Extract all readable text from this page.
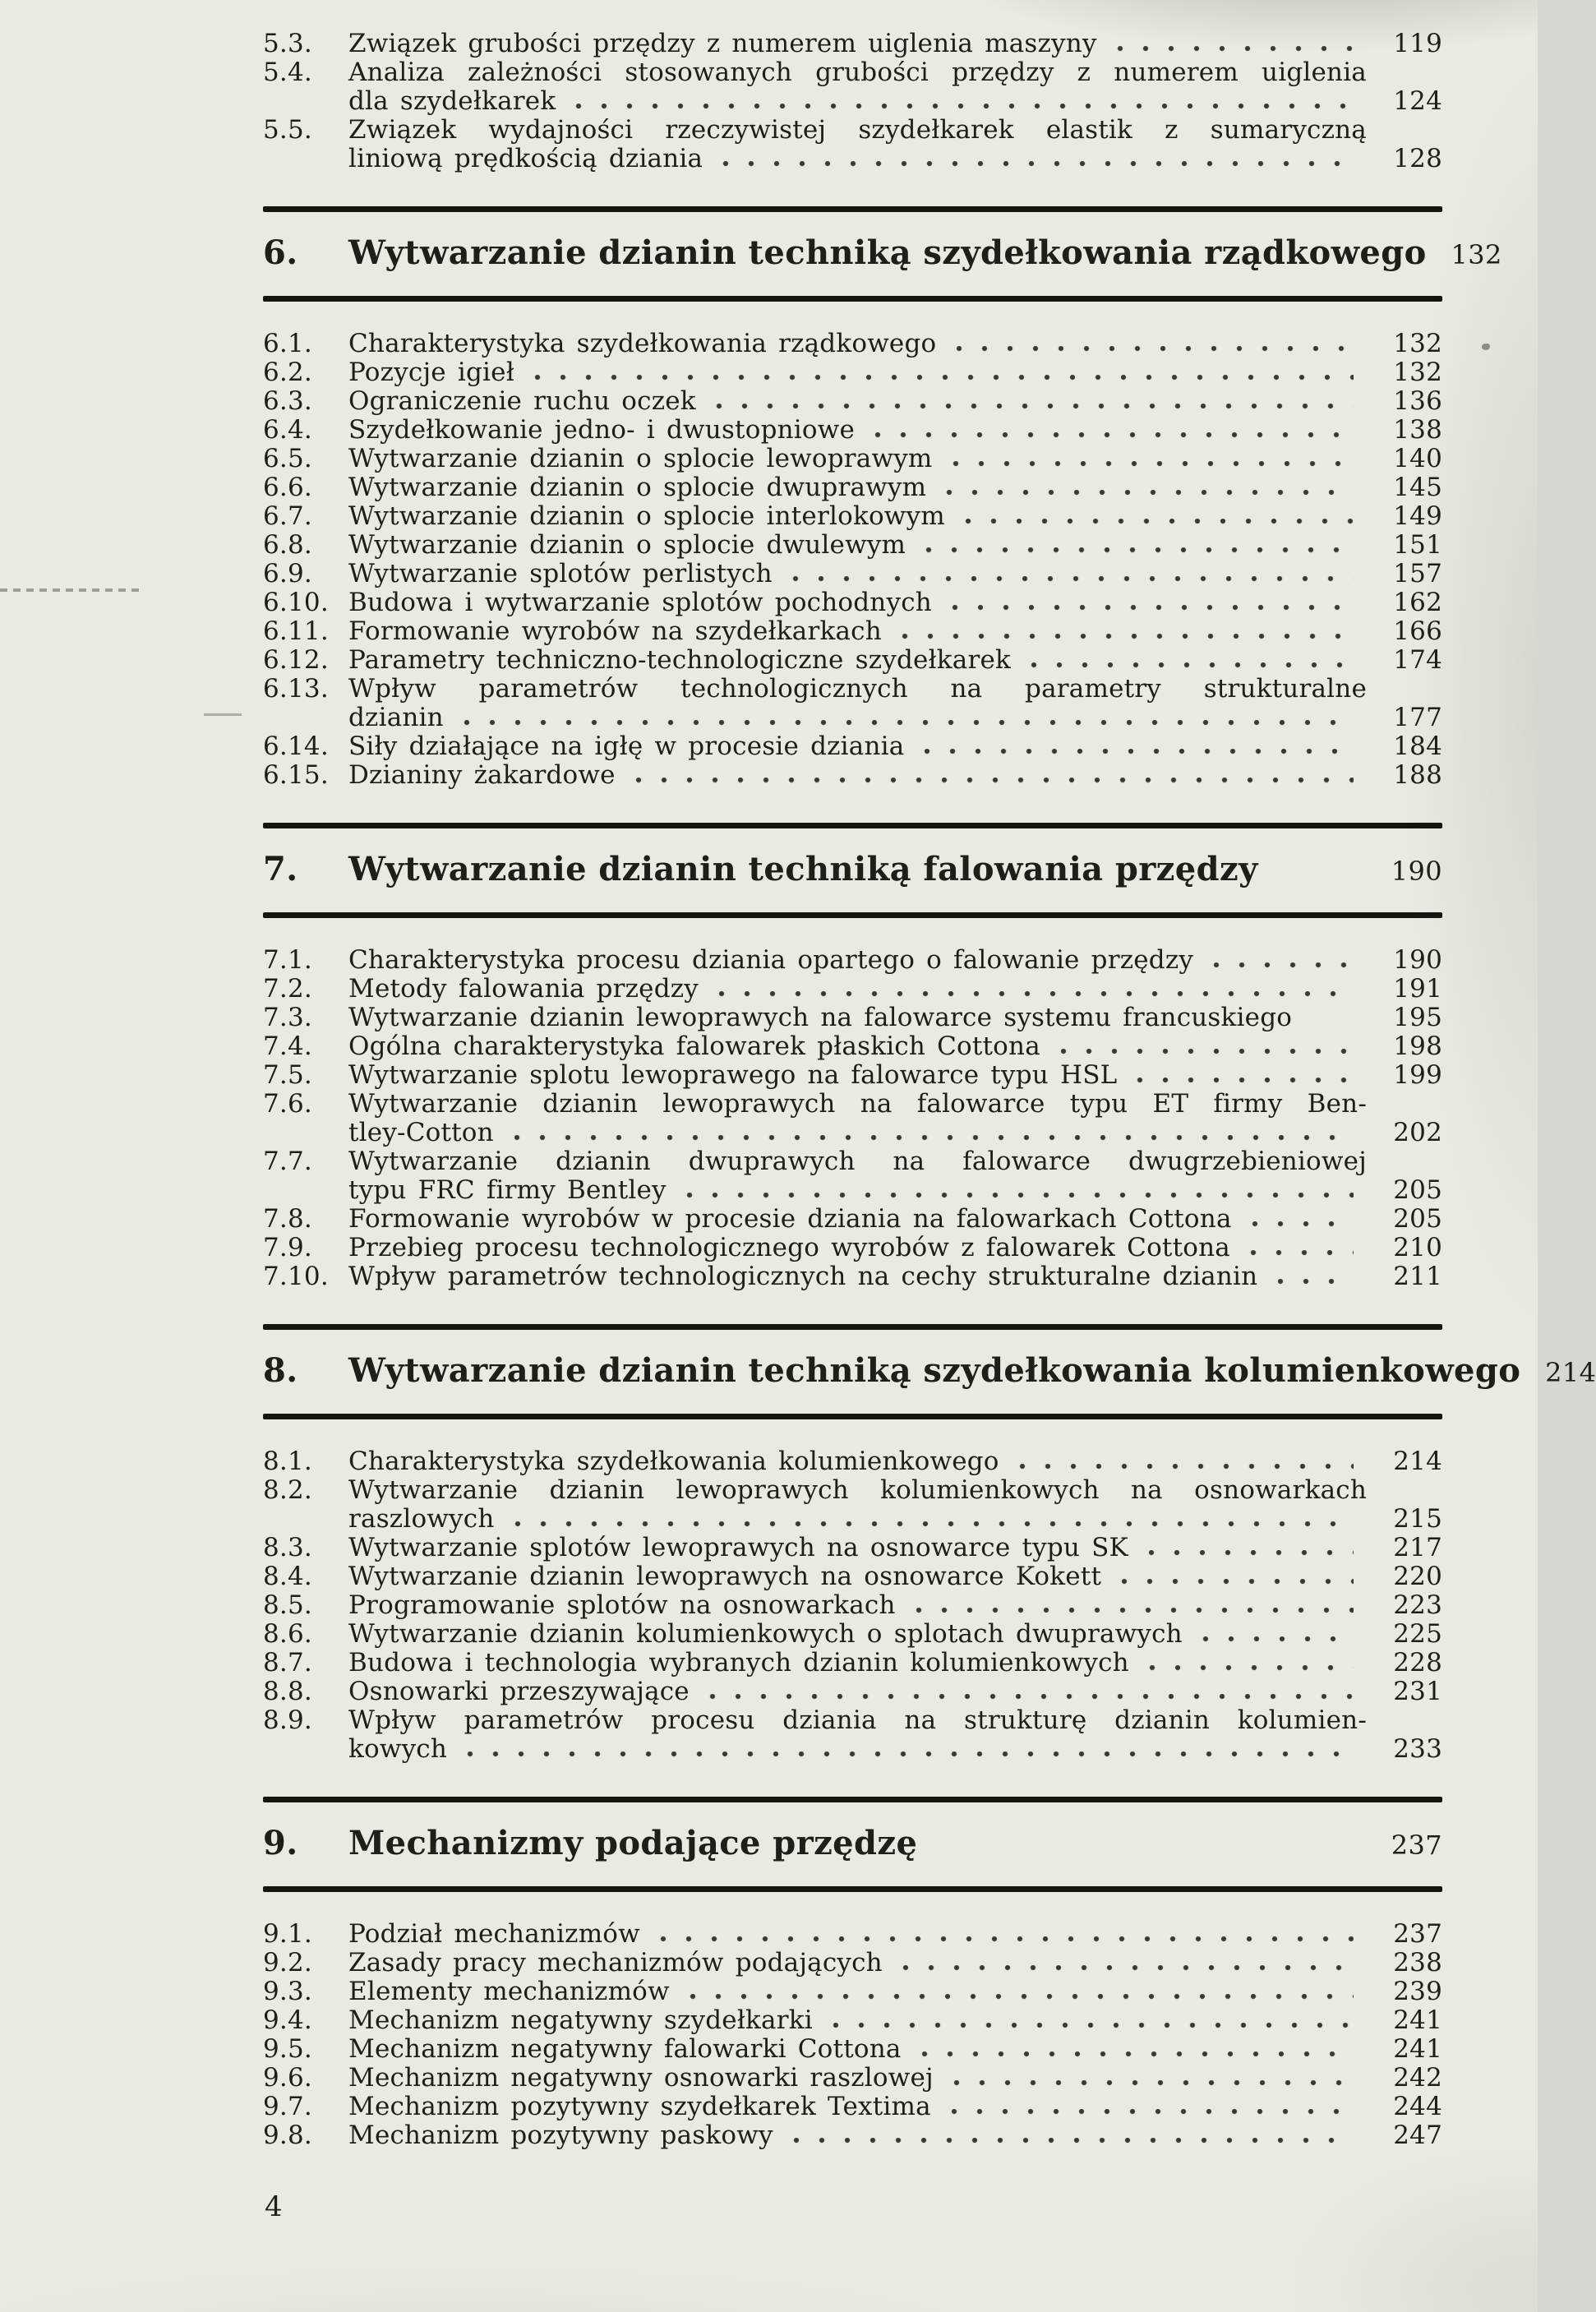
5.3.	Związek grubości przędzy z numerem uiglenia maszyny	119
5.4.	Analiza zależności stosowanych grubości przędzy z numerem uiglenia
dla szydełkarek	124
5.5.	Związek wydajności rzeczywistej szydełkarek elastik z sumaryczną
liniową prędkością dziania	128
6.	Wytwarzanie dzianin techniką szydełkowania rządkowego 132
6.1.	Charakterystyka szydełkowania rządkowego	132
6.2.	Pozycje igieł	132
6.3.	Ograniczenie ruchu oczek	136
6.4.	Szydełkowanie jedno- i dwustopniowe	138
6.5.	Wytwarzanie dzianin o splocie lewoprawym	140
6.6.	Wytwarzanie dzianin o splocie dwuprawym	145
6.7.	Wytwarzanie dzianin o splocie interlokowym	149
6.8.	Wytwarzanie dzianin o splocie dwulewym	151
6.9.	Wytwarzanie splotów perlistych	157
6.10. Budowa i wytwarzanie splotów pochodnych	162
6.11. Formowanie wyrobów na szydełkarkach	166
6.12. Parametry techniczno-technologiczne szydełkarek	174
6.13. Wpływ parametrów technologicznych na parametry strukturalne
dzianin	177
6.14. Siły działające na igłę w procesie dziania	184
6.15. Dzianiny żakardowe	188
7.	Wytwarzanie dzianin techniką falowania przędzy	190
7.1.	Charakterystyka procesu dziania opartego o falowanie przędzy	190
7.2.	Metody falowania przędzy	191
7.3.	Wytwarzanie dzianin lewoprawych na falowarce systemu francuskiego	195
7.4.	Ogólna charakterystyka falowarek płaskich Cottona	198
7.5.	Wytwarzanie splotu lewoprawego na falowarce typu HSL	199
7.6.	Wytwarzanie dzianin lewoprawych na falowarce typu ET firmy Ben-
tley-Cotton	202
7.7.	Wytwarzanie dzianin dwuprawych na falowarce dwugrzebieniowej
typu FRC firmy Bentley	205
7.8.	Formowanie wyrobów w procesie dziania na falowarkach Cottona	205
7.9.	Przebieg procesu technologicznego wyrobów z falowarek Cottona	210
7.10. Wpływ parametrów technologicznych na cechy strukturalne dzianin	211
8.	Wytwarzanie dzianin techniką szydełkowania kolumienkowego 214
8.1.	Charakterystyka szydełkowania kolumienkowego	214
8.2.	Wytwarzanie dzianin lewoprawych kolumienkowych na osnowarkach
raszlowych	215
8.3.	Wytwarzanie splotów lewoprawych na osnowarce typu SK	217
8.4.	Wytwarzanie dzianin lewoprawych na osnowarce Kokett	220
8.5.	Programowanie splotów na osnowarkach	223
8.6.	Wytwarzanie dzianin kolumienkowych o splotach dwuprawych	225
8.7.	Budowa i technologia wybranych dzianin kolumienkowych	228
8.8.	Osnowarki przeszywające	231
8.9.	Wpływ parametrów procesu dziania na strukturę dzianin kolumien-
kowych	233
9.	Mechanizmy podające przędzę	237
9.1.	Podział mechanizmów	237
9.2.	Zasady pracy mechanizmów podających	238
9.3.	Elementy mechanizmów	239
9.4.	Mechanizm negatywny szydełkarki	241
9.5.	Mechanizm negatywny falowarki Cottona	241
9.6.	Mechanizm negatywny osnowarki raszlowej	242
9.7.	Mechanizm pozytywny szydełkarek Textima	244
9.8.	Mechanizm pozytywny paskowy	247
4
